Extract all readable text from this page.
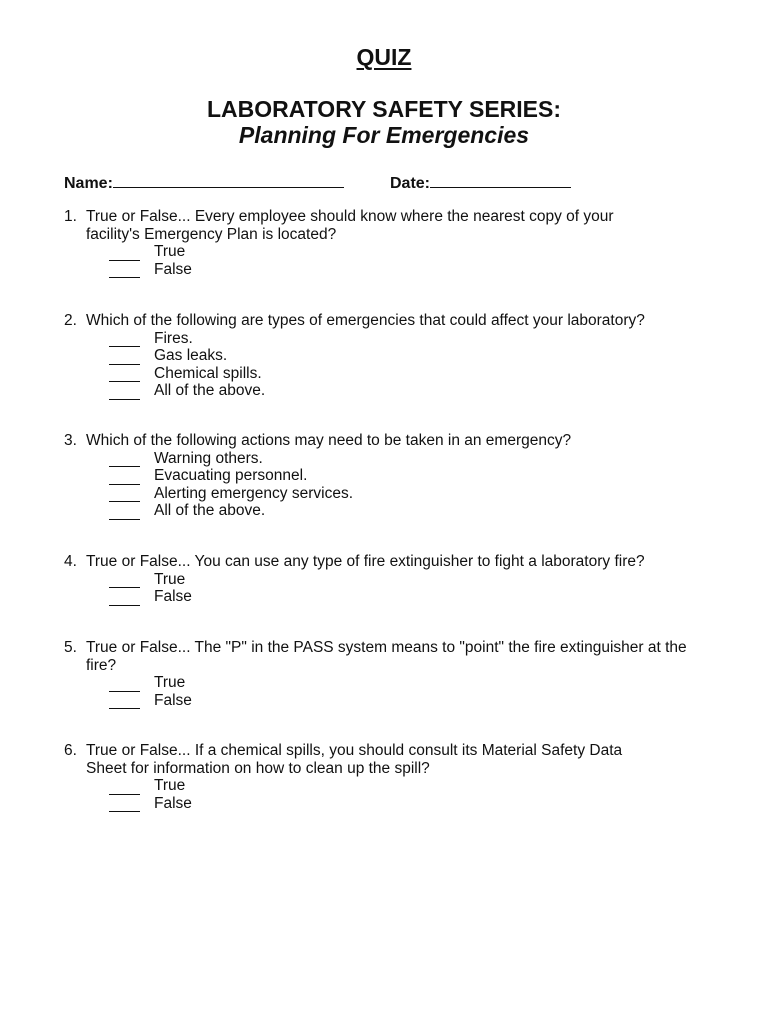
QUIZ
LABORATORY SAFETY SERIES:
Planning For Emergencies
Name:	Date:
1. True or False... Every employee should know where the nearest copy of your facility's Emergency Plan is located?
True
False
2. Which of the following are types of emergencies that could affect your laboratory?
Fires.
Gas leaks.
Chemical spills.
All of the above.
3. Which of the following actions may need to be taken in an emergency?
Warning others.
Evacuating personnel.
Alerting emergency services.
All of the above.
4. True or False... You can use any type of fire extinguisher to fight a laboratory fire?
True
False
5. True or False... The "P" in the PASS system means to "point" the fire extinguisher at the fire?
True
False
6. True or False... If a chemical spills, you should consult its Material Safety Data Sheet for information on how to clean up the spill?
True
False
